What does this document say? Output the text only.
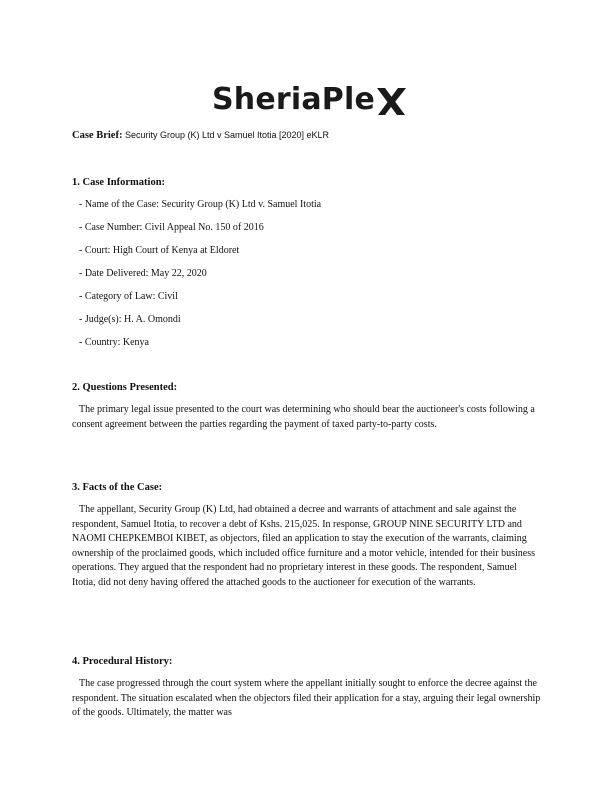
SheriaPle
Case Brief: Security Group (K) Ltd v Samuel Itotia [2020] eKLR

1. Case Information:

- Name of the Case: Security Group (K) Ltd v. Samuel Itotia
- Case Number: Civil Appeal No. 150 of 2016
- Court: High Court of Kenya at Eldoret
- Date Delivered: May 22, 2020
- Category of Law: Civil
- Judge(s): H. A. Omondi
- Country: Kenya

2. Questions Presented:

The primary legal issue presented to the court was determining who should bear the auctioneer's costs following a consent agreement between the parties regarding the payment of taxed party-to-party costs.

3. Facts of the Case:

The appellant, Security Group (K) Ltd, had obtained a decree and warrants of attachment and sale against the respondent, Samuel Itotia, to recover a debt of Kshs. 215,025. In response, GROUP NINE SECURITY LTD and NAOMI CHEPKEMBOI KIBET, as objectors, filed an application to stay the execution of the warrants, claiming ownership of the proclaimed goods, which included office furniture and a motor vehicle, intended for their business operations. They argued that the respondent had no proprietary interest in these goods. The respondent, Samuel Itotia, did not deny having offered the attached goods to the auctioneer for execution of the warrants.

4. Procedural History:

The case progressed through the court system where the appellant initially sought to enforce the decree against the respondent. The situation escalated when the objectors filed their application for a stay, arguing their legal ownership of the goods. Ultimately, the matter was
